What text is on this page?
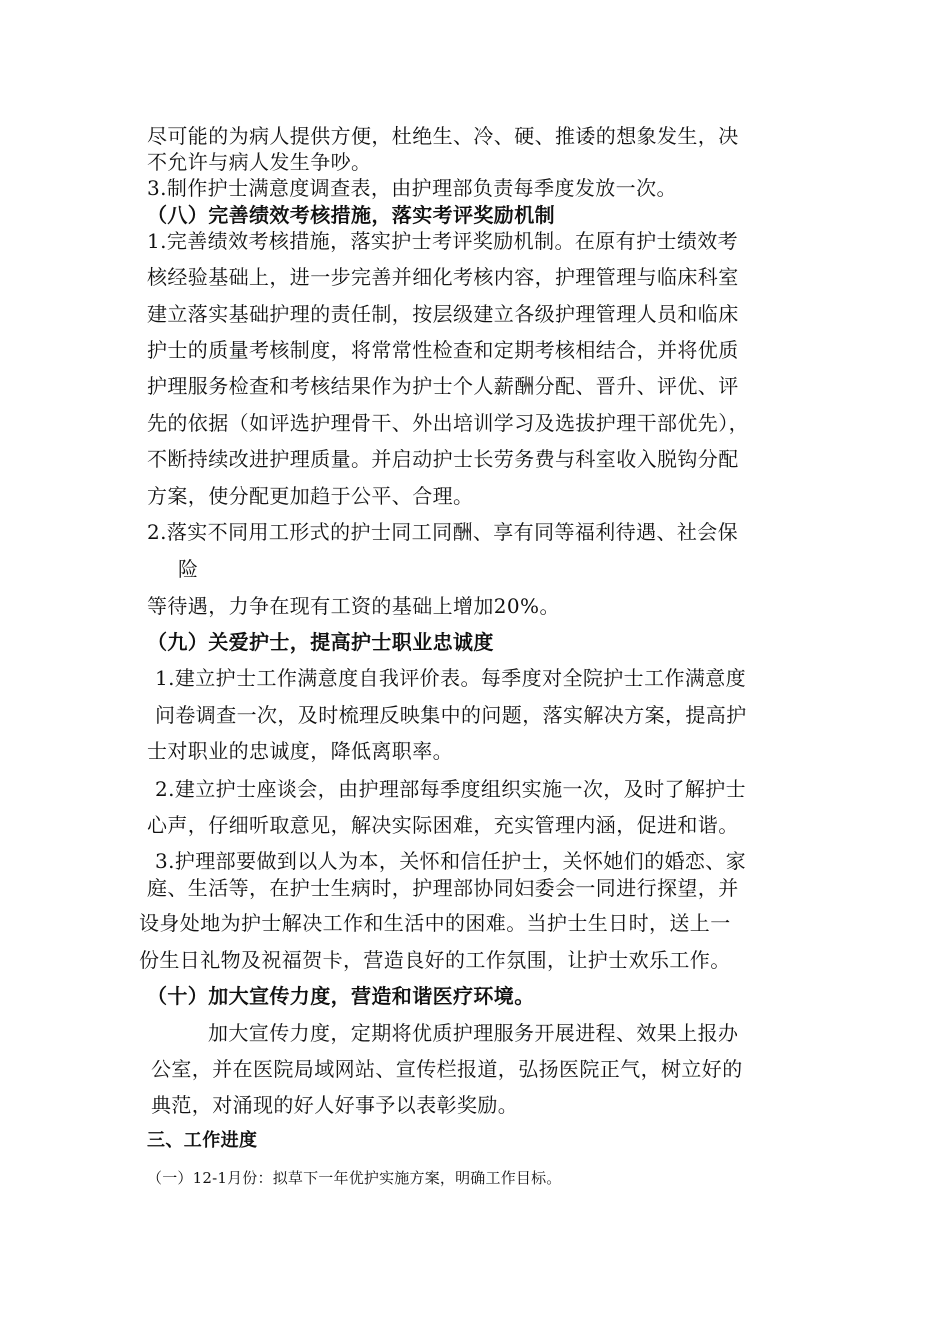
尽可能的为病人提供方便，杜绝生、冷、硬、推诿的想象发生，决
不允许与病人发生争吵。
3.制作护士满意度调查表，由护理部负责每季度发放一次。
（八）完善绩效考核措施，落实考评奖励机制
1.完善绩效考核措施，落实护士考评奖励机制。在原有护士绩效考
核经验基础上，进一步完善并细化考核内容，护理管理与临床科室
建立落实基础护理的责任制，按层级建立各级护理管理人员和临床
护士的质量考核制度，将常常性检查和定期考核相结合，并将优质
护理服务检查和考核结果作为护士个人薪酬分配、晋升、评优、评
先的依据（如评选护理骨干、外出培训学习及选拔护理干部优先），
不断持续改进护理质量。并启动护士长劳务费与科室收入脱钩分配
方案，使分配更加趋于公平、合理。
2.落实不同用工形式的护士同工同酬、享有同等福利待遇、社会保
险
等待遇，力争在现有工资的基础上增加20%。
（九）关爱护士，提高护士职业忠诚度
1.建立护士工作满意度自我评价表。每季度对全院护士工作满意度
问卷调查一次，及时梳理反映集中的问题，落实解决方案，提高护
士对职业的忠诚度，降低离职率。
2.建立护士座谈会，由护理部每季度组织实施一次，及时了解护士
心声，仔细听取意见，解决实际困难，充实管理内涵，促进和谐。
3.护理部要做到以人为本，关怀和信任护士，关怀她们的婚恋、家
庭、生活等，在护士生病时，护理部协同妇委会一同进行探望，并
设身处地为护士解决工作和生活中的困难。当护士生日时，送上一
份生日礼物及祝福贺卡，营造良好的工作氛围，让护士欢乐工作。
（十）加大宣传力度，营造和谐医疗环境。
加大宣传力度，定期将优质护理服务开展进程、效果上报办
公室，并在医院局域网站、宣传栏报道，弘扬医院正气，树立好的
典范，对涌现的好人好事予以表彰奖励。
三、工作进度
（一）12-1月份：拟草下一年优护实施方案，明确工作目标。
